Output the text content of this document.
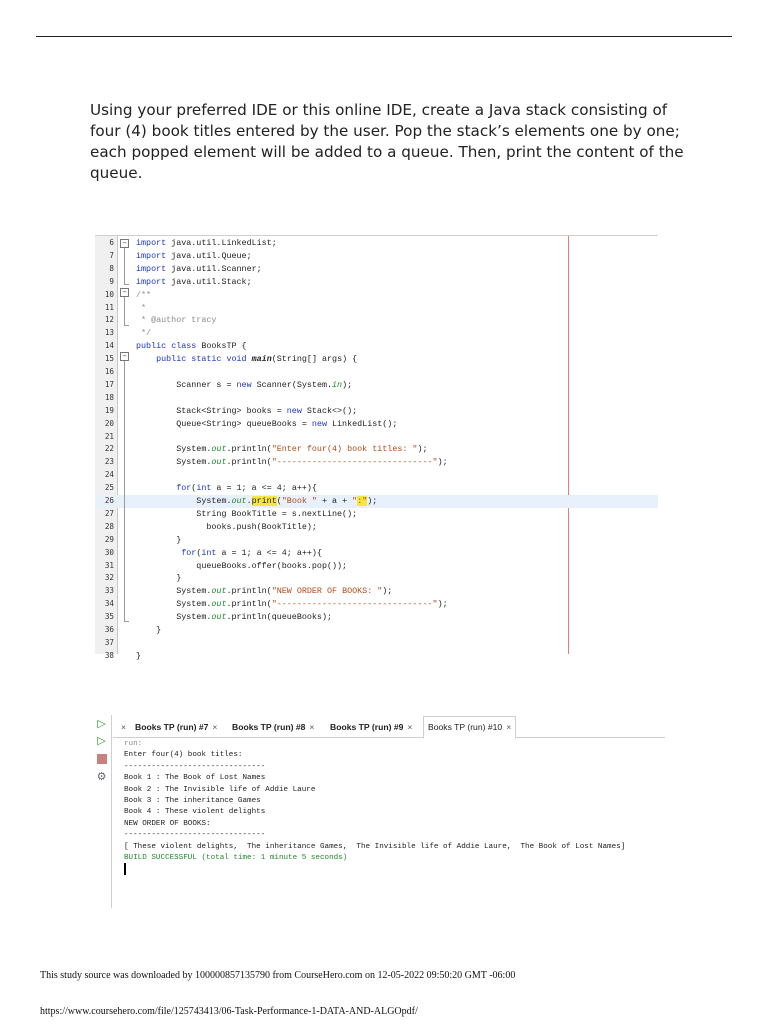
Using your preferred IDE or this online IDE, create a Java stack consisting of four (4) book titles entered by the user. Pop the stack’s elements one by one; each popped element will be added to a queue. Then, print the content of the queue.

6	import java.util.LinkedList;
7	import java.util.Queue;
8	import java.util.Scanner;
9	import java.util.Stack;
10	/**
11	*
12	* @author tracy
13	*/
14	public class BooksTP {
15	public static void main(String[] args) {
16
17	Scanner s = new Scanner(System.in);
18
19	Stack<String> books = new Stack<>();
20	Queue<String> queueBooks = new LinkedList();
21
22	System.out.println("Enter four(4) book titles: ");
23	System.out.println("-------------------------------");
24
25	for(int a = 1; a <= 4; a++){
26	System.out.print("Book " + a + ":");
27	String BookTitle = s.nextLine();
28	books.push(BookTitle);
29	}
30	for(int a = 1; a <= 4; a++){
31	queueBooks.offer(books.pop());
32	}
33	System.out.println("NEW ORDER OF BOOKS: ");
34	System.out.println("-------------------------------");
35	System.out.println(queueBooks);
36	}
37
38	}
−
−
−
▷
▷
⚙
× Books TP (run) #7 × Books TP (run) #8 × Books TP (run) #9 ×	Books TP (run) #10 ×
run:
Enter four(4) book titles:
-------------------------------
Book 1 : The Book of Lost Names
Book 2 : The Invisible life of Addie Laure
Book 3 : The inheritance Games
Book 4 : These violent delights
NEW ORDER OF BOOKS:
-------------------------------
[ These violent delights,  The inheritance Games,  The Invisible life of Addie Laure,  The Book of Lost Names]
BUILD SUCCESSFUL (total time: 1 minute 5 seconds)
This study source was downloaded by 100000857135790 from CourseHero.com on 12-05-2022 09:50:20 GMT -06:00
https://www.coursehero.com/file/125743413/06-Task-Performance-1-DATA-AND-ALGOpdf/
